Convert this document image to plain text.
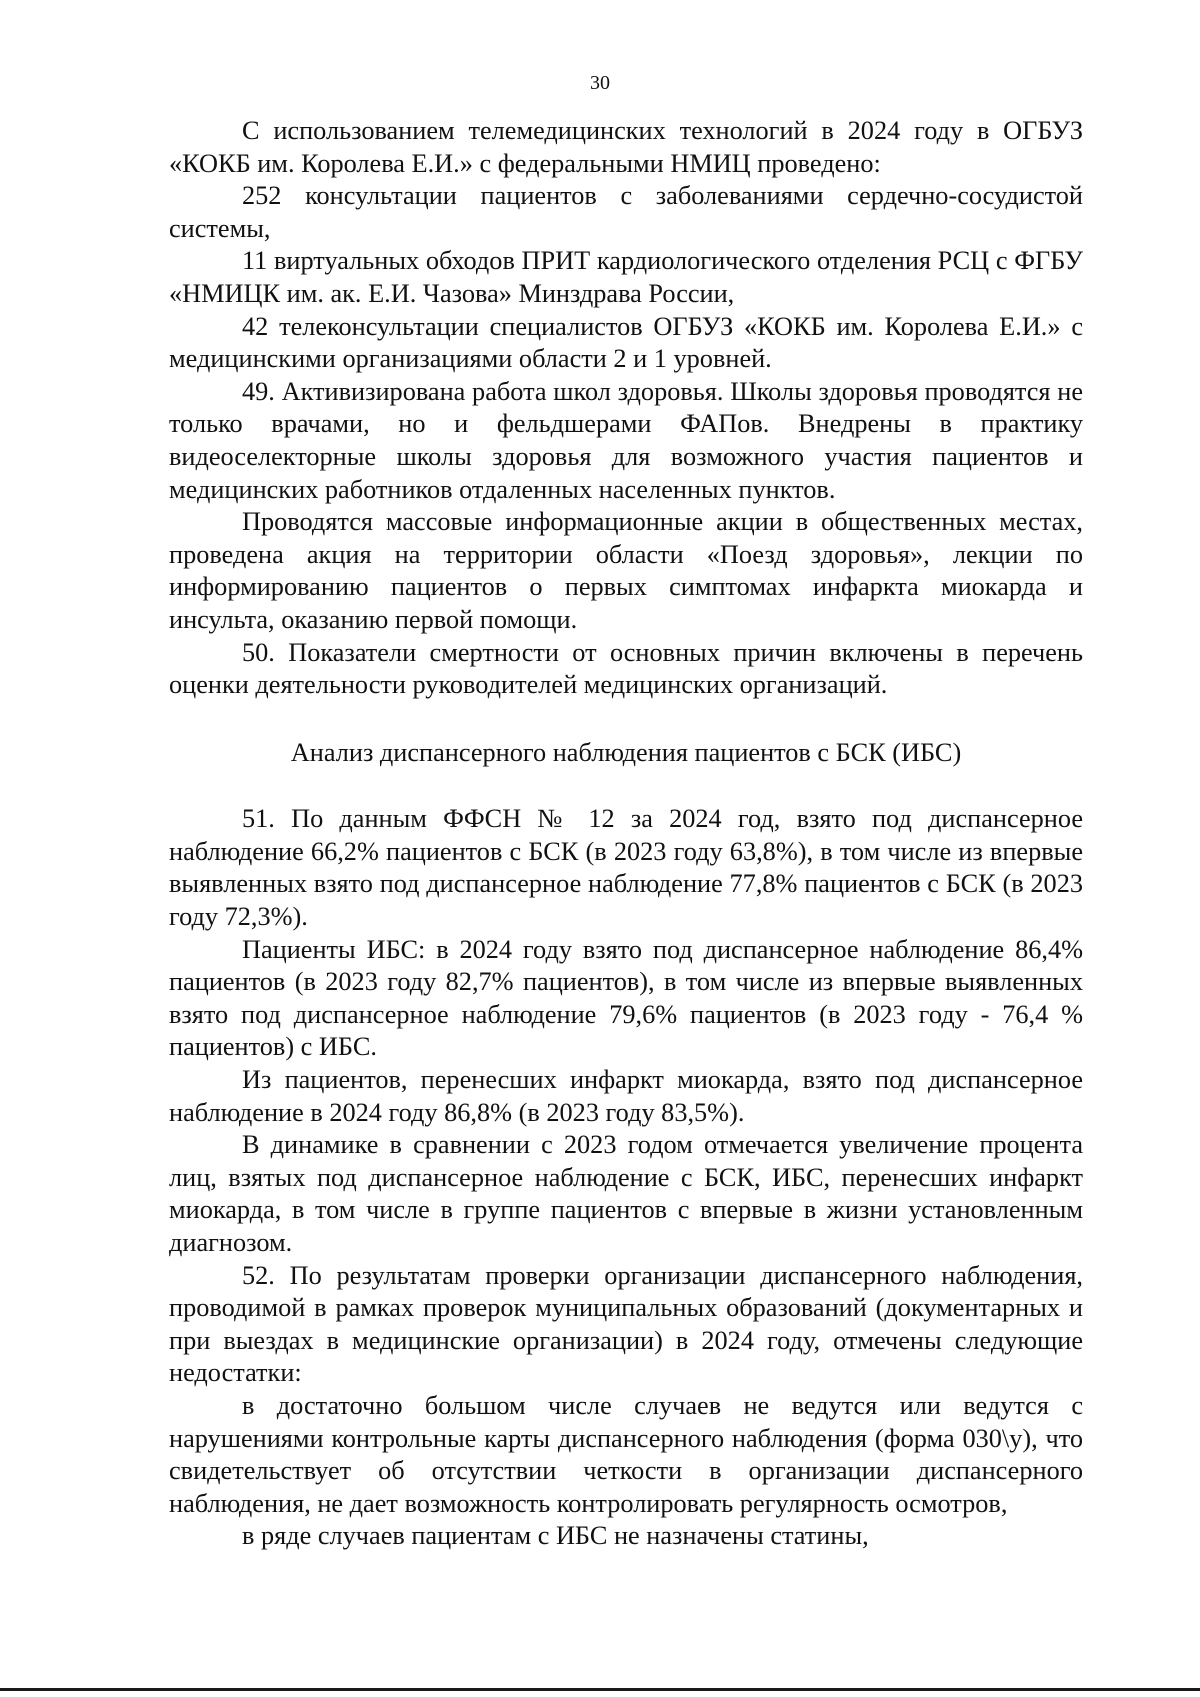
30

С использованием телемедицинских технологий в 2024 году в ОГБУЗ «КОКБ им. Королева Е.И.» с федеральными НМИЦ проведено:

252 консультации пациентов с заболеваниями сердечно-сосудистой системы,

11 виртуальных обходов ПРИТ кардиологического отделения РСЦ с ФГБУ «НМИЦК им. ак. Е.И. Чазова» Минздрава России,

42 телеконсультации специалистов ОГБУЗ «КОКБ им. Королева Е.И.» с медицинскими организациями области 2 и 1 уровней.

49. Активизирована работа школ здоровья. Школы здоровья проводятся не только врачами, но и фельдшерами ФАПов. Внедрены в практику видеоселекторные школы здоровья для возможного участия пациентов и медицинских работников отдаленных населенных пунктов.

Проводятся массовые информационные акции в общественных местах, проведена акция на территории области «Поезд здоровья», лекции по информированию пациентов о первых симптомах инфаркта миокарда и инсульта, оказанию первой помощи.

50. Показатели смертности от основных причин включены в перечень оценки деятельности руководителей медицинских организаций.

Анализ диспансерного наблюдения пациентов с БСК (ИБС)

51. По данным ФФСН № 12 за 2024 год, взято под диспансерное наблюдение 66,2% пациентов с БСК (в 2023 году 63,8%), в том числе из впервые выявленных взято под диспансерное наблюдение 77,8% пациентов с БСК (в 2023 году 72,3%).

Пациенты ИБС: в 2024 году взято под диспансерное наблюдение 86,4% пациентов (в 2023 году 82,7% пациентов), в том числе из впервые выявленных взято под диспансерное наблюдение 79,6% пациентов (в 2023 году - 76,4 % пациентов) с ИБС.

Из пациентов, перенесших инфаркт миокарда, взято под диспансерное наблюдение в 2024 году 86,8% (в 2023 году 83,5%).

В динамике в сравнении с 2023 годом отмечается увеличение процента лиц, взятых под диспансерное наблюдение с БСК, ИБС, перенесших инфаркт миокарда, в том числе в группе пациентов с впервые в жизни установленным диагнозом.

52. По результатам проверки организации диспансерного наблюдения, проводимой в рамках проверок муниципальных образований (документарных и при выездах в медицинские организации) в 2024 году, отмечены следующие недостатки:

в достаточно большом числе случаев не ведутся или ведутся с нарушениями контрольные карты диспансерного наблюдения (форма 030\у), что свидетельствует об отсутствии четкости в организации диспансерного наблюдения, не дает возможность контролировать регулярность осмотров,

в ряде случаев пациентам с ИБС не назначены статины,
